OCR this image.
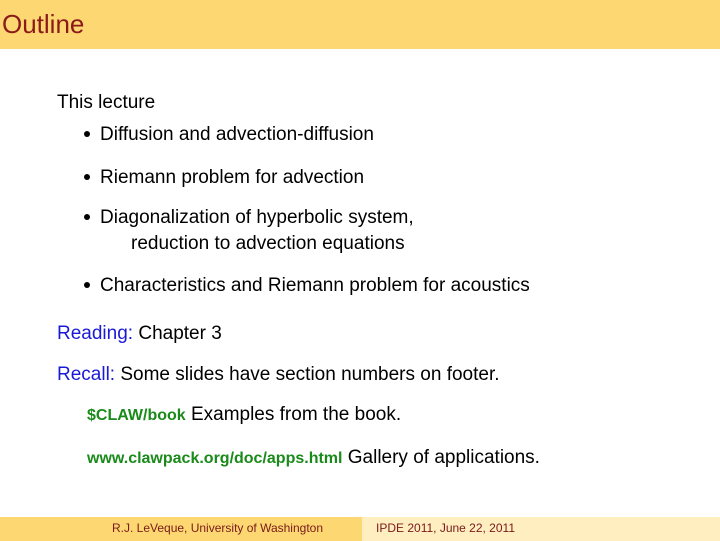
Outline
This lecture
Diffusion and advection-diffusion
Riemann problem for advection
Diagonalization of hyperbolic system,
reduction to advection equations
Characteristics and Riemann problem for acoustics
Reading: Chapter 3
Recall: Some slides have section numbers on footer.
$CLAW/book Examples from the book.
www.clawpack.org/doc/apps.html Gallery of applications.
R.J. LeVeque, University of Washington	IPDE 2011, June 22, 2011
